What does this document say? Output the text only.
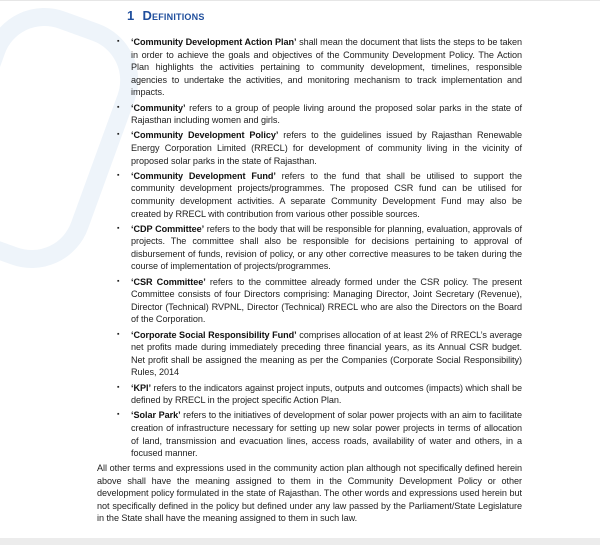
1 Definitions
▪ ‘Community Development Action Plan’ shall mean the document that lists the steps to be taken in order to achieve the goals and objectives of the Community Development Policy. The Action Plan highlights the activities pertaining to community development, timelines, responsible agencies to undertake the activities, and monitoring mechanism to track implementation and impacts.
▪ ‘Community’ refers to a group of people living around the proposed solar parks in the state of Rajasthan including women and girls.
▪ ‘Community Development Policy’ refers to the guidelines issued by Rajasthan Renewable Energy Corporation Limited (RRECL) for development of community living in the vicinity of proposed solar parks in the state of Rajasthan.
▪ ‘Community Development Fund’ refers to the fund that shall be utilised to support the community development projects/programmes. The proposed CSR fund can be utilised for community development activities. A separate Community Development Fund may also be created by RRECL with contribution from various other possible sources.
▪ ‘CDP Committee’ refers to the body that will be responsible for planning, evaluation, approvals of projects. The committee shall also be responsible for decisions pertaining to approval of disbursement of funds, revision of policy, or any other corrective measures to be taken during the course of implementation of projects/programmes.
▪ ‘CSR Committee’ refers to the committee already formed under the CSR policy. The present Committee consists of four Directors comprising: Managing Director, Joint Secretary (Revenue), Director (Technical) RVPNL, Director (Technical) RRECL who are also the Directors on the Board of the Corporation.
▪ ‘Corporate Social Responsibility Fund’ comprises allocation of at least 2% of RRECL’s average net profits made during immediately preceding three financial years, as its Annual CSR budget. Net profit shall be assigned the meaning as per the Companies (Corporate Social Responsibility) Rules, 2014
▪ ‘KPI’ refers to the indicators against project inputs, outputs and outcomes (impacts) which shall be defined by RRECL in the project specific Action Plan.
▪ ‘Solar Park’ refers to the initiatives of development of solar power projects with an aim to facilitate creation of infrastructure necessary for setting up new solar power projects in terms of allocation of land, transmission and evacuation lines, access roads, availability of water and others, in a focused manner.

All other terms and expressions used in the community action plan although not specifically defined herein above shall have the meaning assigned to them in the Community Development Policy or other development policy formulated in the state of Rajasthan. The other words and expressions used herein but not specifically defined in the policy but defined under any law passed by the Parliament/State Legislature in the State shall have the meaning assigned to them in such law.
